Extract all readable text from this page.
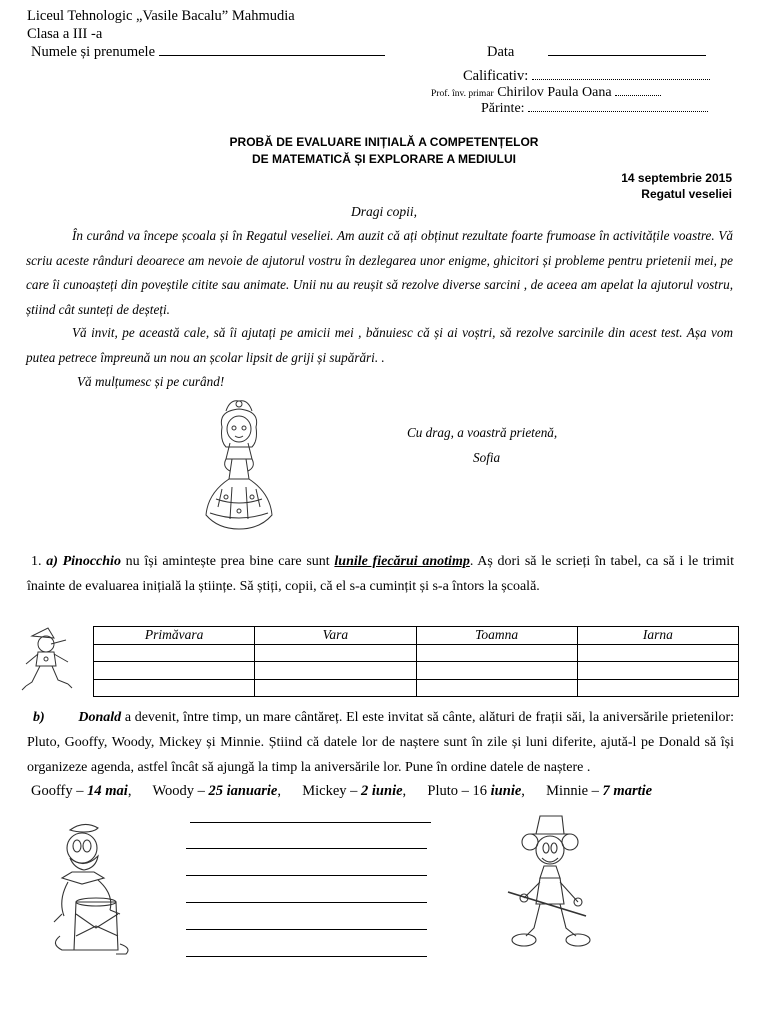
Liceul Tehnologic „Vasile Bacalu” Mahmudia
Clasa a III -a
Numele și prenumele	Data
Calificativ:
Prof. înv. primar Chirilov Paula Oana
Părinte:
PROBĂ DE EVALUARE INIȚIALĂ A COMPETENȚELOR
DE MATEMATICĂ ȘI EXPLORARE A MEDIULUI
14 septembrie 2015
Regatul veseliei
Dragi copii,
În curând va începe școala și în Regatul veseliei. Am auzit că ați obținut rezultate foarte frumoase în activitățile voastre. Vă scriu aceste rânduri deoarece am nevoie de ajutorul vostru în dezlegarea unor enigme, ghicitori și probleme pentru prietenii mei, pe care îi cunoașteți din poveștile citite sau animate. Unii nu au reușit să rezolve diverse sarcini , de aceea am apelat la ajutorul vostru, știind cât sunteți de deșteți.
Vă invit, pe această cale, să îi ajutați pe amicii mei , bănuiesc că și ai voștri, să rezolve sarcinile din acest test. Așa vom putea petrece împreună un nou an școlar lipsit de griji și supărări. .
Vă mulțumesc și pe curând!
Cu drag, a voastră prietenă,
Sofia
1. a) Pinocchio nu își amintește prea bine care sunt lunile fiecărui anotimp. Aș dori să le scrieți în tabel, ca să i le trimit înainte de evaluarea inițială la științe. Să știți, copii, că el s-a cumințit și s-a întors la școală.
Primăvara	Vara	Toamna	Iarna

b) Donald a devenit, între timp, un mare cântăreț. El este invitat să cânte, alături de frații săi, la aniversările prietenilor: Pluto, Gooffy, Woody, Mickey și Minnie. Știind că datele lor de naștere sunt în zile și luni diferite, ajută-l pe Donald să își organizeze agenda, astfel încât să ajungă la timp la aniversările lor. Pune în ordine datele de naștere .
Gooffy – 14 mai, Woody – 25 ianuarie, Mickey – 2 iunie, Pluto – 16 iunie, Minnie – 7 martie
